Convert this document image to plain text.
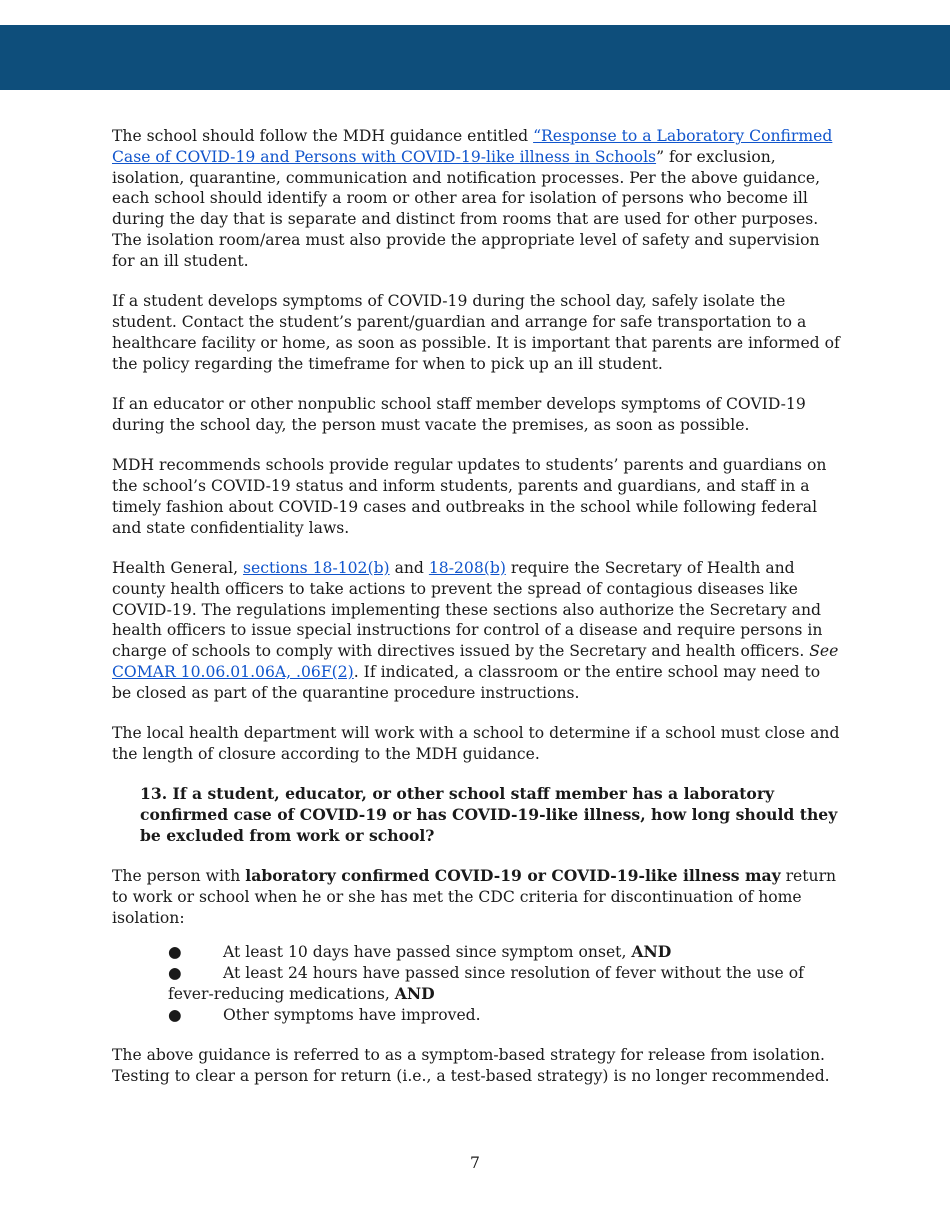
The school should follow the MDH guidance entitled “Response to a Laboratory Confirmed Case of COVID-19 and Persons with COVID-19-like illness in Schools” for exclusion, isolation, quarantine, communication and notification processes. Per the above guidance, each school should identify a room or other area for isolation of persons who become ill during the day that is separate and distinct from rooms that are used for other purposes. The isolation room/area must also provide the appropriate level of safety and supervision for an ill student.

If a student develops symptoms of COVID-19 during the school day, safely isolate the student. Contact the student’s parent/guardian and arrange for safe transportation to a healthcare facility or home, as soon as possible. It is important that parents are informed of the policy regarding the timeframe for when to pick up an ill student.

If an educator or other nonpublic school staff member develops symptoms of COVID-19 during the school day, the person must vacate the premises, as soon as possible.

MDH recommends schools provide regular updates to students’ parents and guardians on the school’s COVID-19 status and inform students, parents and guardians, and staff in a timely fashion about COVID-19 cases and outbreaks in the school while following federal and state confidentiality laws.

Health General, sections 18-102(b) and 18-208(b) require the Secretary of Health and county health officers to take actions to prevent the spread of contagious diseases like COVID-19. The regulations implementing these sections also authorize the Secretary and health officers to issue special instructions for control of a disease and require persons in charge of schools to comply with directives issued by the Secretary and health officers. See COMAR 10.06.01.06A, .06F(2). If indicated, a classroom or the entire school may need to be closed as part of the quarantine procedure instructions.

The local health department will work with a school to determine if a school must close and the length of closure according to the MDH guidance.

13. If a student, educator, or other school staff member has a laboratory confirmed case of COVID-19 or has COVID-19-like illness, how long should they be excluded from work or school?

The person with laboratory confirmed COVID-19 or COVID-19-like illness may return to work or school when he or she has met the CDC criteria for discontinuation of home isolation:

●	At least 10 days have passed since symptom onset, AND
●	At least 24 hours have passed since resolution of fever without the use of fever-reducing medications, AND
●	Other symptoms have improved.

The above guidance is referred to as a symptom-based strategy for release from isolation. Testing to clear a person for return (i.e., a test-based strategy) is no longer recommended.

7
